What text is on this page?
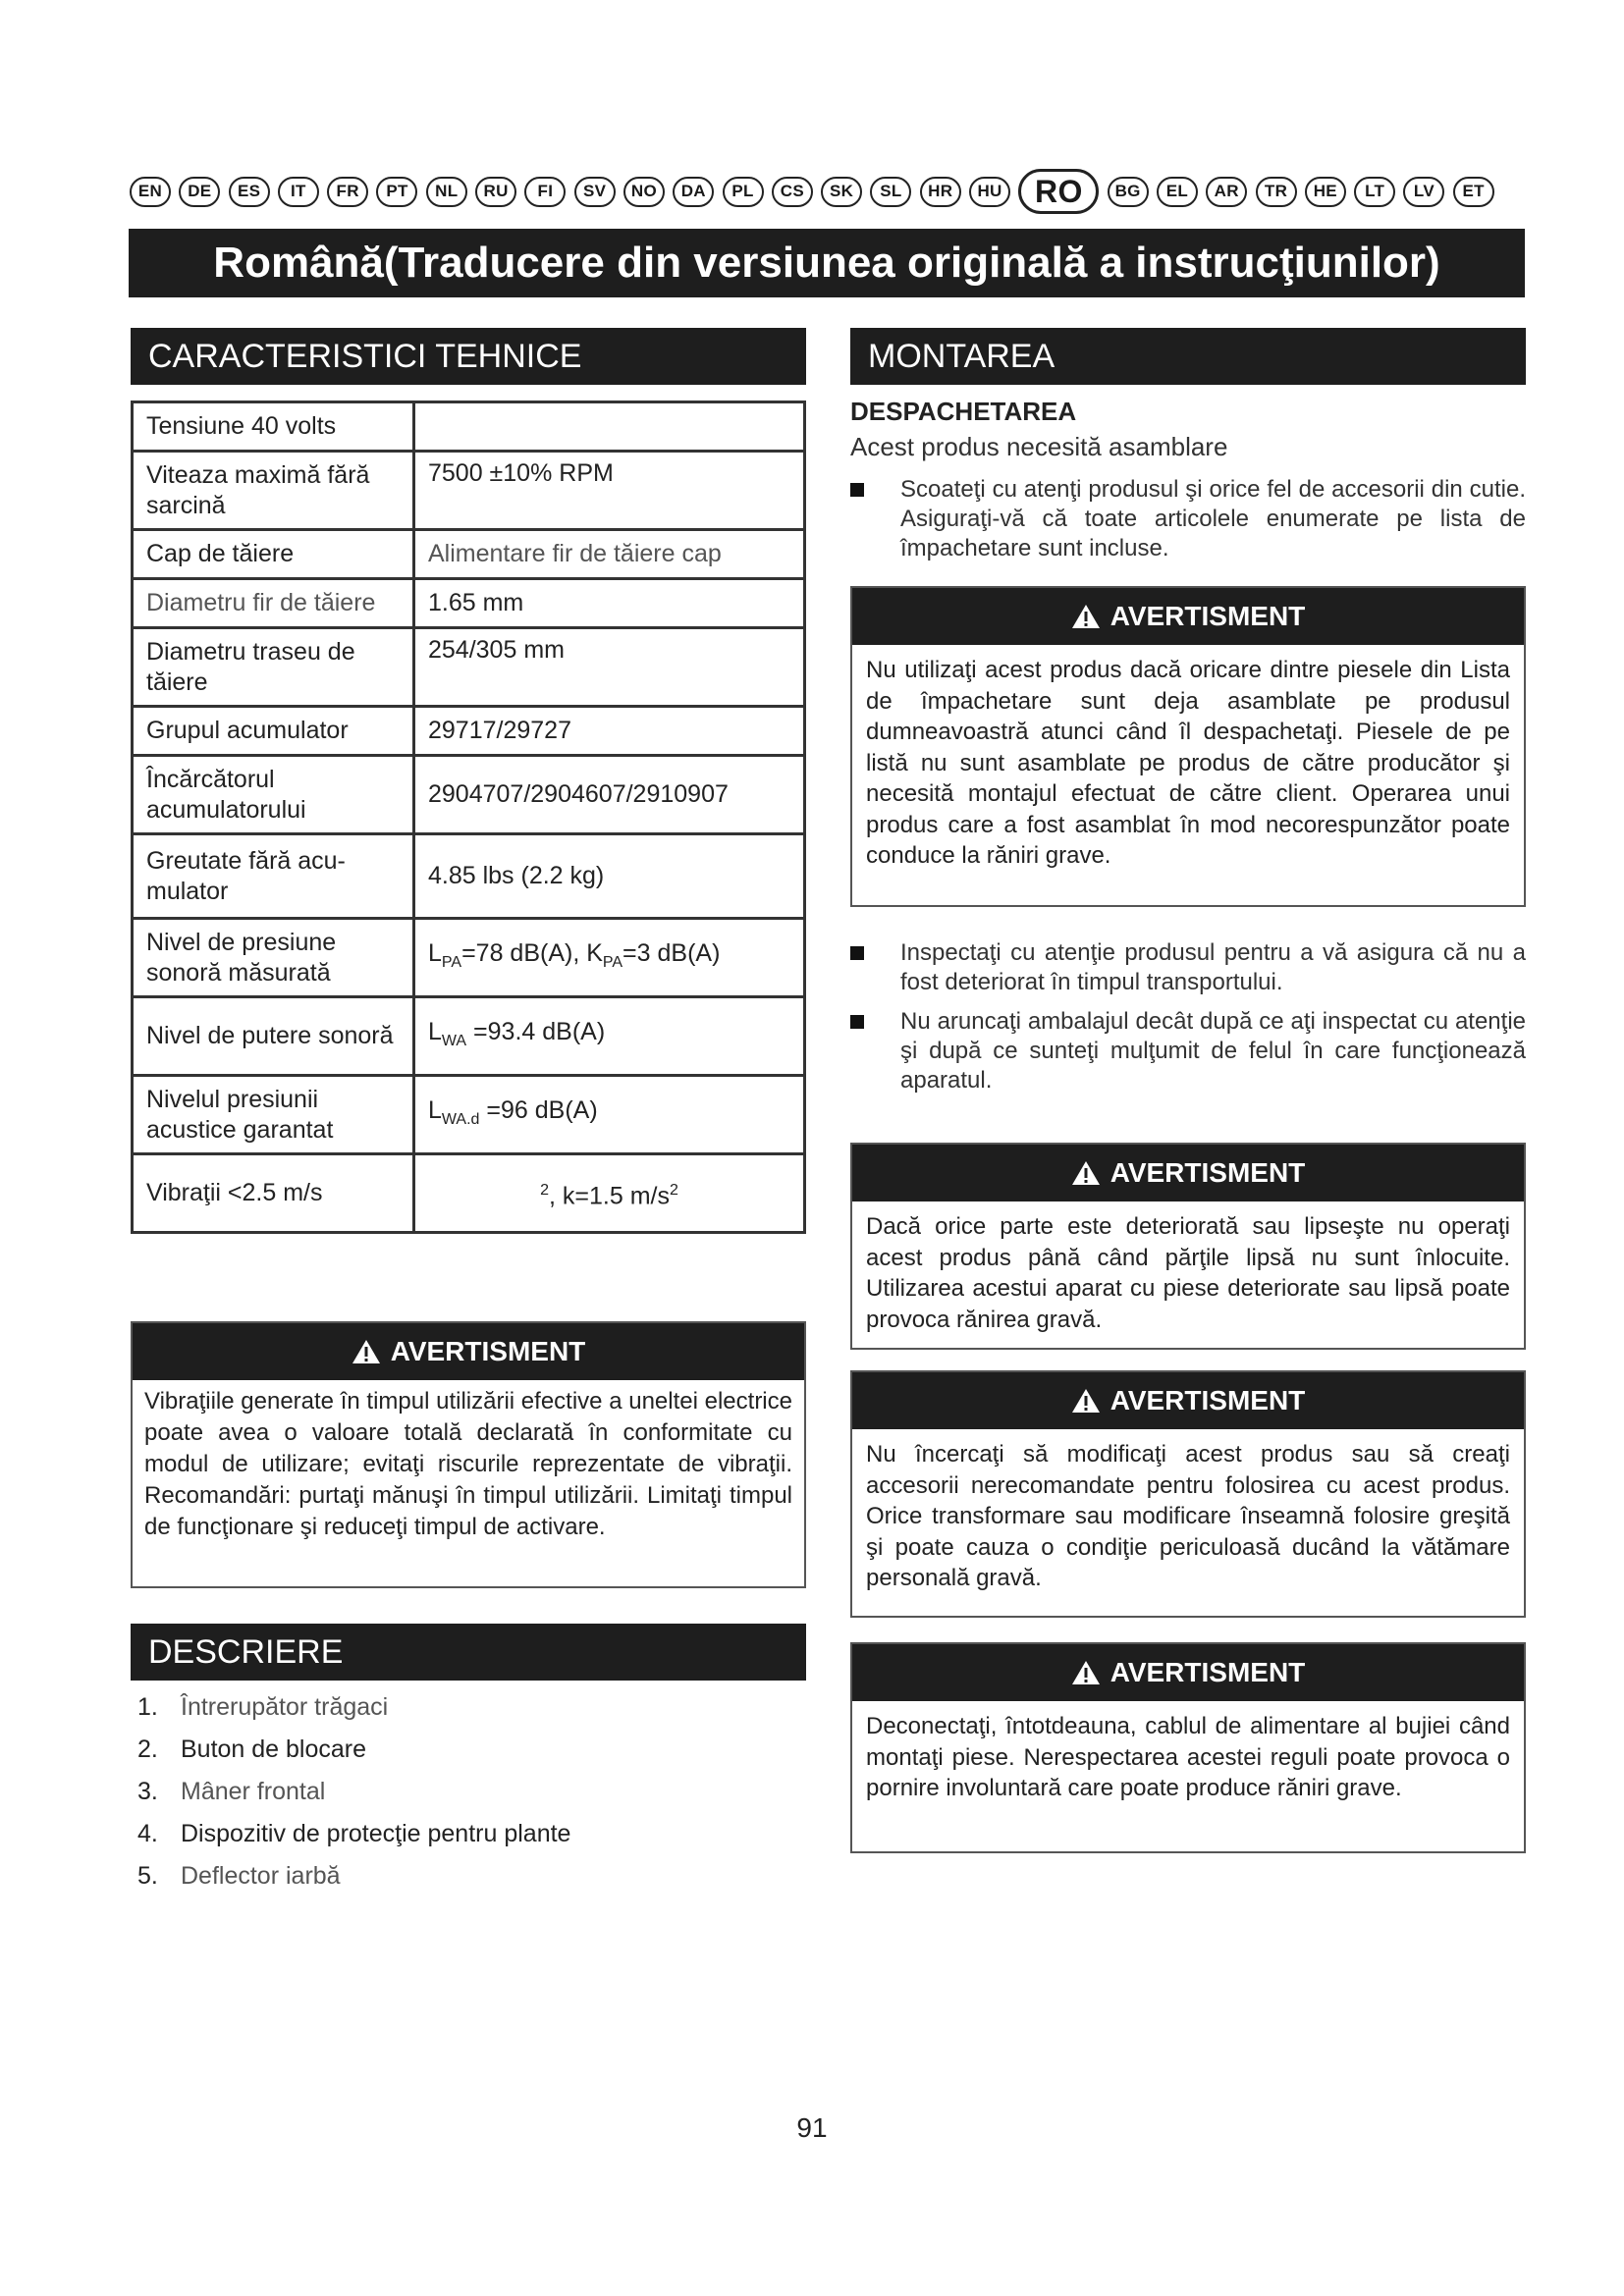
EN	DE	ES	IT	FR	PT	NL	RU	FI	SV	NO	DA	PL	CS	SK	SL	HR	HU	RO	BG	EL	AR	TR	HE	LT	LV	ET
Română(Traducere din versiunea originală a instrucţiunilor)
CARACTERISTICI TEHNICE
Tensiune 40 volts	
Viteaza maximă fără sarcină	7500 ±10% RPM
Cap de tăiere	Alimentare fir de tăiere cap
Diametru fir de tăiere	1.65 mm
Diametru traseu de tăiere	254/305 mm
Grupul acumulator	29717/29727
Încărcătorul acumulatorului	2904707/2904607/2910907
Greutate fără acu-mulator	4.85 lbs (2.2 kg)
Nivel de presiune sonoră măsurată	$L_{PA}=78$ dB(A), $K_{PA}=3$ dB(A)
Nivel de putere sonoră	$L_{WA} =93.4$ dB(A)
Nivelul presiunii acustice garantat	$L_{WA.d} =96$ dB(A)
Vibraţii <2.5 m/s	$^2$, k=1.5 $m/s^2$
AVERTISMENT
Vibraţiile generate în timpul utilizării efective a uneltei electrice poate avea o valoare totală declarată în conformitate cu modul de utilizare; evitaţi riscurile reprezentate de vibraţii. Recomandări: purtaţi mănuşi în timpul utilizării. Limitaţi timpul de funcţionare şi reduceţi timpul de activare.
DESCRIERE
1. Întrerupător trăgaci
2. Buton de blocare
3. Mâner frontal
4. Dispozitiv de protecţie pentru plante
5. Deflector iarbă
MONTAREA
DESPACHETAREA
Acest produs necesită asamblare
Scoateţi cu atenţi produsul şi orice fel de accesorii din cutie. Asiguraţi-vă că toate articolele enumerate pe lista de împachetare sunt incluse.
AVERTISMENT
Nu utilizaţi acest produs dacă oricare dintre piesele din Lista de împachetare sunt deja asamblate pe produsul dumneavoastră atunci când îl despachetaţi. Piesele de pe listă nu sunt asamblate pe produs de către producător şi necesită montajul efectuat de către client. Operarea unui produs care a fost asamblat în mod necorespunzător poate conduce la răniri grave.
Inspectaţi cu atenţie produsul pentru a vă asigura că nu a fost deteriorat în timpul transportului.
Nu aruncaţi ambalajul decât după ce aţi inspectat cu atenţie şi după ce sunteţi mulţumit de felul în care funcţionează aparatul.
AVERTISMENT
Dacă orice parte este deteriorată sau lipseşte nu operaţi acest produs până când părţile lipsă nu sunt înlocuite. Utilizarea acestui aparat cu piese deteriorate sau lipsă poate provoca rănirea gravă.
AVERTISMENT
Nu încercaţi să modificaţi acest produs sau să creaţi accesorii nerecomandate pentru folosirea cu acest produs. Orice transformare sau modificare înseamnă folosire greşită şi poate cauza o condiţie periculoasă ducând la vătămare personală gravă.
AVERTISMENT
Deconectaţi, întotdeauna, cablul de alimentare al bujiei când montaţi piese. Nerespectarea acestei reguli poate provoca o pornire involuntară care poate produce răniri grave.
91
